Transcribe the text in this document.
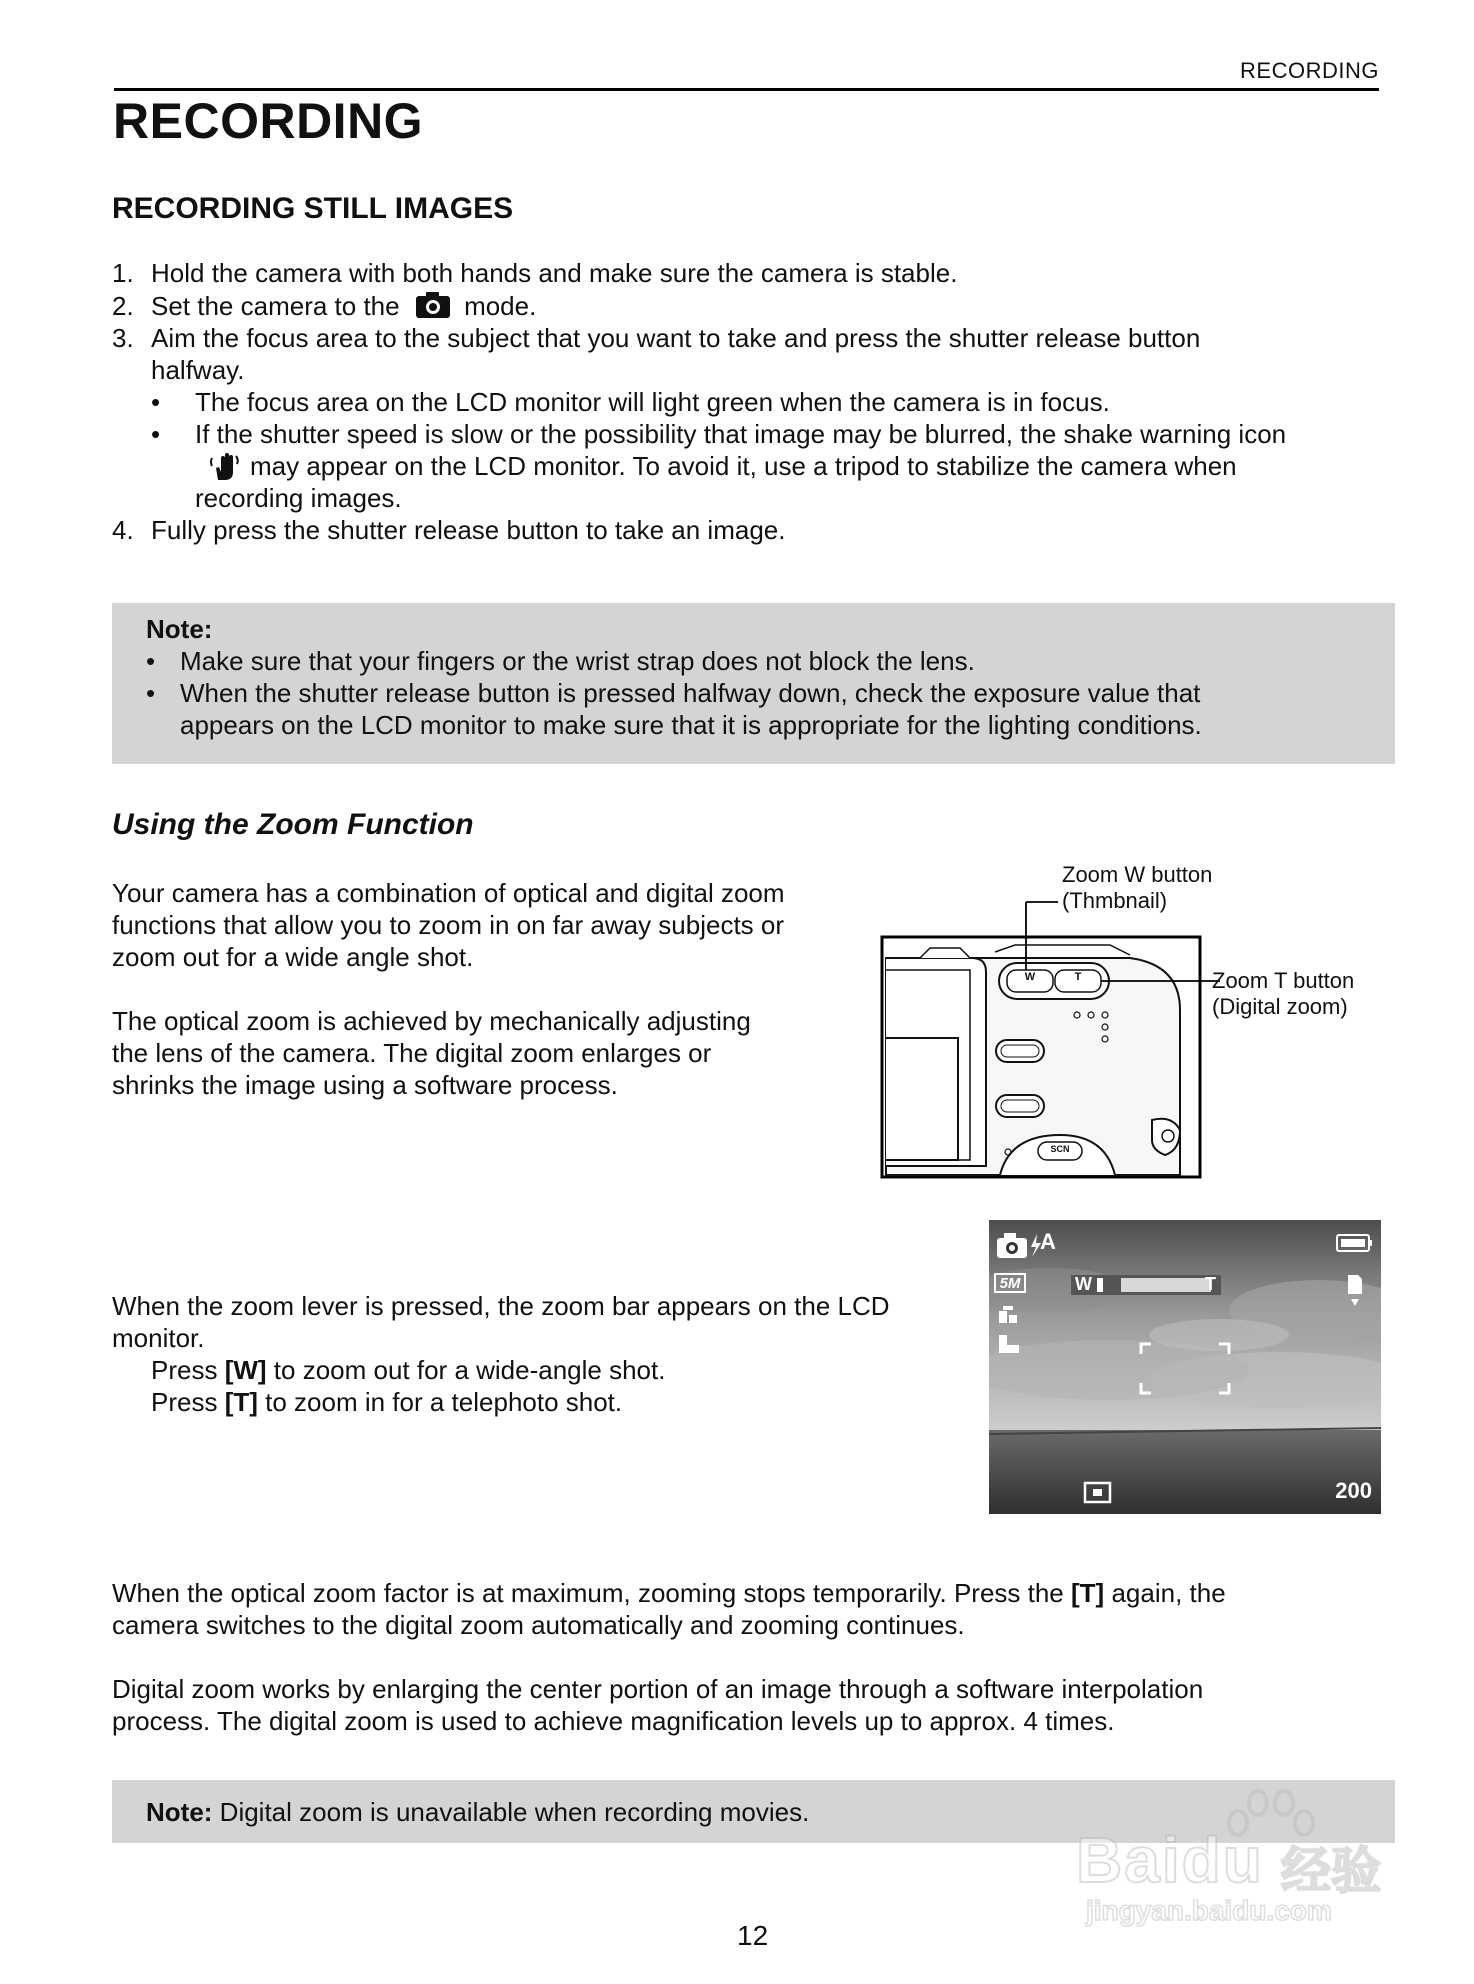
RECORDING
RECORDING
RECORDING STILL IMAGES
1. Hold the camera with both hands and make sure the camera is stable.
2. Set the camera to the mode.
3. Aim the focus area to the subject that you want to take and press the shutter release button
halfway.
• The focus area on the LCD monitor will light green when the camera is in focus.
• If the shutter speed is slow or the possibility that image may be blurred, the shake warning icon
may appear on the LCD monitor. To avoid it, use a tripod to stabilize the camera when
recording images.
4. Fully press the shutter release button to take an image.
Note:
• Make sure that your fingers or the wrist strap does not block the lens.
• When the shutter release button is pressed halfway down, check the exposure value that
appears on the LCD monitor to make sure that it is appropriate for the lighting conditions.
Using the Zoom Function
Your camera has a combination of optical and digital zoom
functions that allow you to zoom in on far away subjects or
zoom out for a wide angle shot.
The optical zoom is achieved by mechanically adjusting
the lens of the camera. The digital zoom enlarges or
shrinks the image using a software process.
W	T
SCN
Zoom W button
(Thmbnail)
Zoom T button
(Digital zoom)
When the zoom lever is pressed, the zoom bar appears on the LCD
monitor.
Press [W] to zoom out for a wide-angle shot.
Press [T] to zoom in for a telephoto shot.
A
5M	W	T
200
When the optical zoom factor is at maximum, zooming stops temporarily. Press the [T] again, the
camera switches to the digital zoom automatically and zooming continues.
Digital zoom works by enlarging the center portion of an image through a software interpolation
process. The digital zoom is used to achieve magnification levels up to approx. 4 times.
Note: Digital zoom is unavailable when recording movies.
12
Baidu 经验
jingyan.baidu.com
